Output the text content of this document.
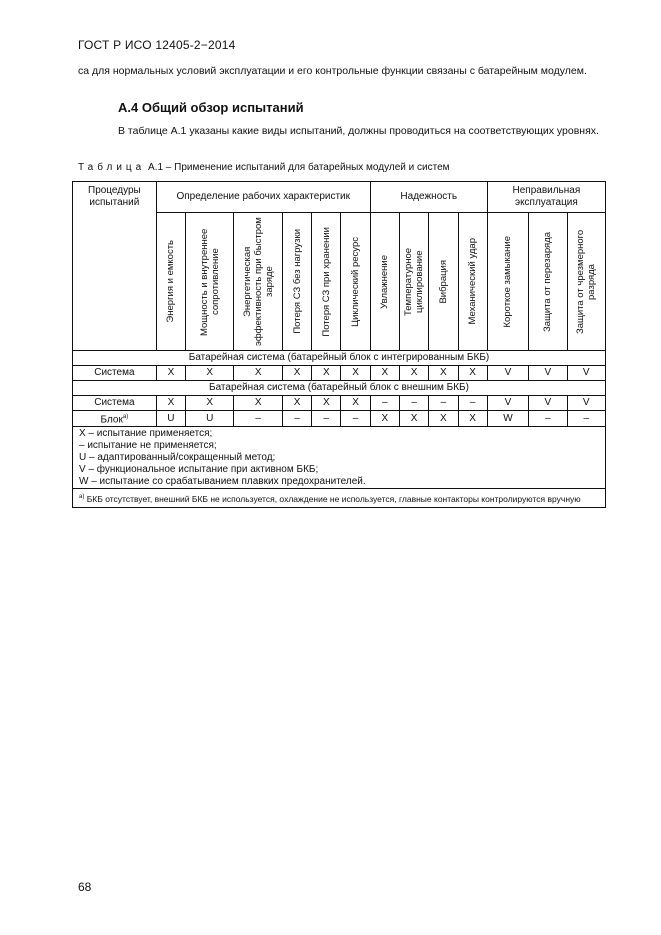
ГОСТ Р ИСО 12405-2−2014
са для нормальных условий эксплуатации и его контрольные функции связаны с батарейным модулем.
А.4 Общий обзор испытаний
В таблице А.1 указаны какие виды испытаний, должны проводиться на соответствующих уровнях.
Таблица А.1 – Применение испытаний для батарейных модулей и систем
Процедуры испытаний	Определение рабочих характеристик						Надежность				Неправильная эксплуатация		

	Энергия и емкость	Мощность и внутреннее сопротивление	Энергетическая эффективность при быстром заряде	Потеря СЗ без нагрузки	Потеря СЗ при хранении	Циклический ресурс	Увлажнение	Температурное циклирование	Вибрация	Механический удар	Короткое замыкание	Защита от перезаряда	Защита от чрезмерного разряда

Батарейная система (батарейный блок с интегрированным БКБ)													
Система	X	X	X	X	X	X	X	X	X	X	V	V	V
Батарейная система (батарейный блок с внешним БКБ)													
Система	X	X	X	X	X	X	–	–	–	–	V	V	V
Блок$^{a)}$	U	U	–	–	–	–	X	X	X	X	W	–	–

X – испытание применяется;
– испытание не применяется;
U – адаптированный/сокращенный метод;
V – функциональное испытание при активном БКБ;
W – испытание со срабатыванием плавких предохранителей.													

$^{а)}$ БКБ отсутствует, внешний БКБ не используется, охлаждение не используется, главные контакторы контролируются вручную													
68
